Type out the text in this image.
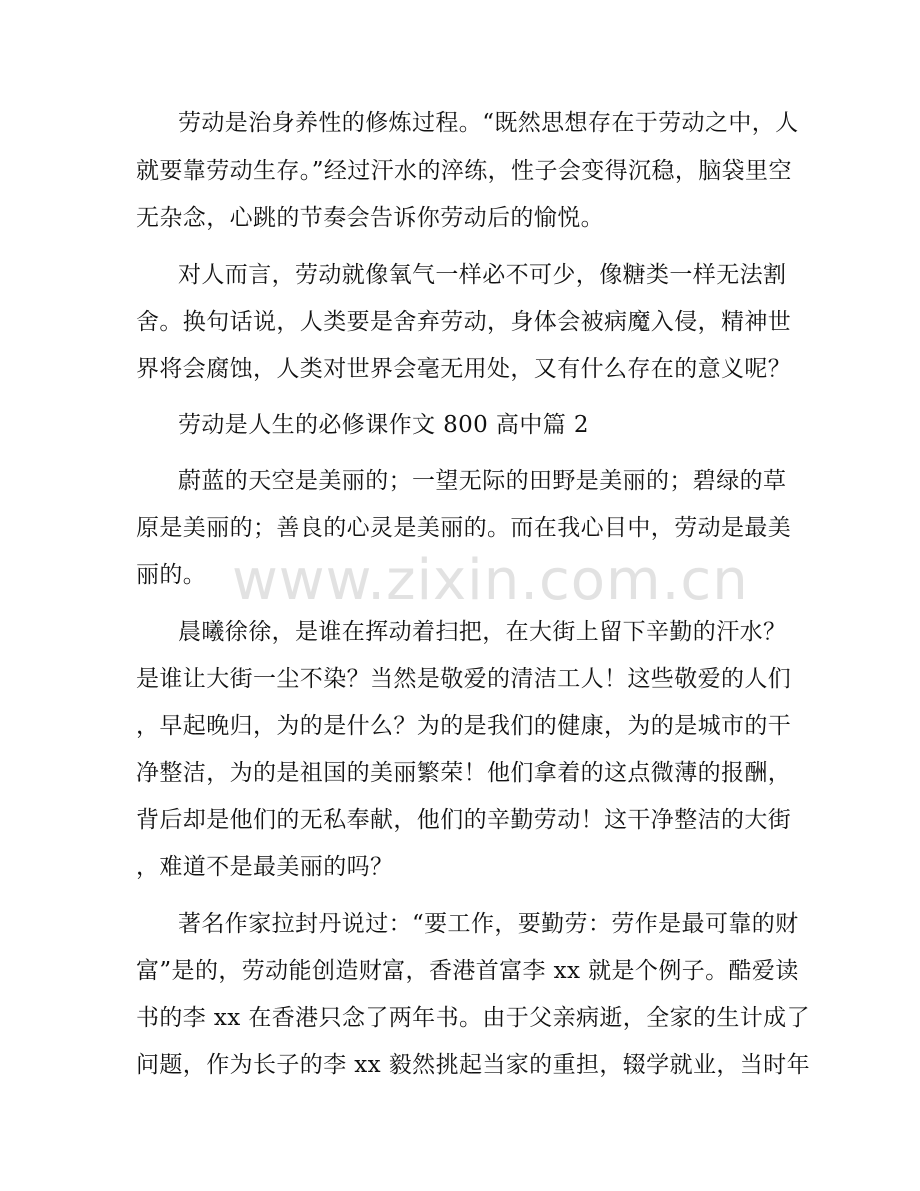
www.zixin.com.cn
劳动是治身养性的修炼过程。“既然思想存在于劳动之中，人
就要靠劳动生存。”经过汗水的淬练，性子会变得沉稳，脑袋里空
无杂念，心跳的节奏会告诉你劳动后的愉悦。
对人而言，劳动就像氧气一样必不可少，像糖类一样无法割
舍。换句话说，人类要是舍弃劳动，身体会被病魔入侵，精神世
界将会腐蚀，人类对世界会毫无用处，又有什么存在的意义呢？
劳动是人生的必修课作文 800 高中篇 2
蔚蓝的天空是美丽的；一望无际的田野是美丽的；碧绿的草
原是美丽的；善良的心灵是美丽的。而在我心目中，劳动是最美
丽的。
晨曦徐徐，是谁在挥动着扫把，在大街上留下辛勤的汗水？
是谁让大街一尘不染？当然是敬爱的清洁工人！这些敬爱的人们
，早起晚归，为的是什么？为的是我们的健康，为的是城市的干
净整洁，为的是祖国的美丽繁荣！他们拿着的这点微薄的报酬，
背后却是他们的无私奉献，他们的辛勤劳动！这干净整洁的大街
，难道不是最美丽的吗？
著名作家拉封丹说过：“要工作，要勤劳：劳作是最可靠的财
富”是的，劳动能创造财富，香港首富李 xx 就是个例子。酷爱读
书的李 xx 在香港只念了两年书。由于父亲病逝，全家的生计成了
问题，作为长子的李 xx 毅然挑起当家的重担，辍学就业，当时年
